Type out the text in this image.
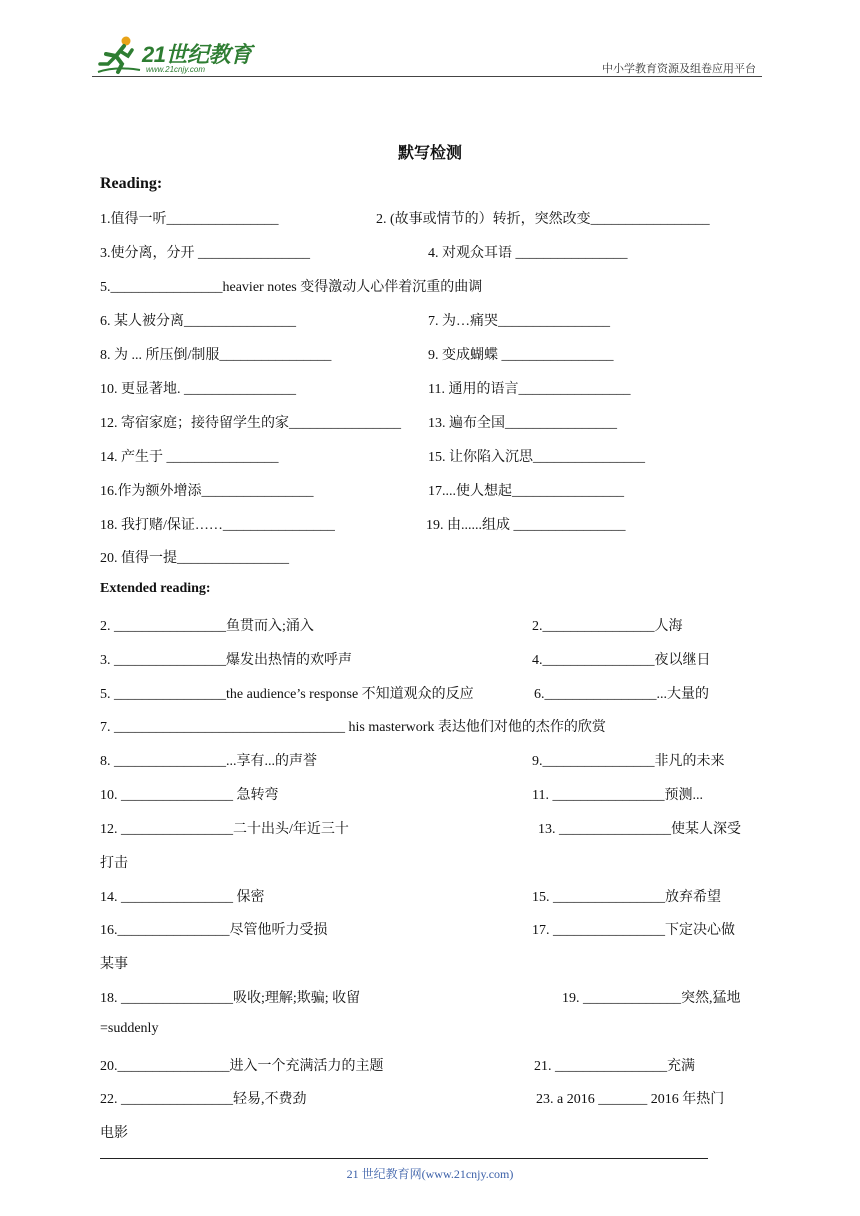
21世纪教育
www.21cnjy.com	中小学教育资源及组卷应用平台
默写检测
Reading:
1.值得一听________________	2. (故事或情节的）转折，突然改变_________________
3.使分离，分开 ________________	4. 对观众耳语 ________________
5.________________heavier notes 变得激动人心伴着沉重的曲调
6. 某人被分离________________	7. 为…痛哭________________
8. 为 ... 所压倒/制服________________	9. 变成蝴蝶 ________________
10. 更显著地. ________________	11. 通用的语言________________
12. 寄宿家庭；接待留学生的家________________ 13. 遍布全国________________
14. 产生于 ________________	15. 让你陷入沉思________________
16.作为额外增添________________	17....使人想起________________
18. 我打赌/保证……________________	19. 由......组成 ________________
20. 值得一提________________
Extended reading:
2. ________________鱼贯而入;涌入	2.________________人海
3. ________________爆发出热情的欢呼声	4.________________夜以继日
5. ________________the audience’s response 不知道观众的反应	6.________________...大量的
7. _________________________________ his masterwork 表达他们对他的杰作的欣赏
8. ________________...享有...的声誉	9.________________非凡的未来
10. ________________ 急转弯	11. ________________预测...
12. ________________二十出头/年近三十	13. ________________使某人深受
打击
14. ________________ 保密	15. ________________放弃希望
16.________________尽管他听力受损	17. ________________下定决心做
某事
18. ________________吸收;理解;欺骗; 收留	19. ______________突然,猛地
=suddenly
20.________________进入一个充满活力的主题	21. ________________充满
22. ________________轻易,不费劲	23. a 2016 _______ 2016 年热门
电影
21 世纪教育网(www.21cnjy.com)
